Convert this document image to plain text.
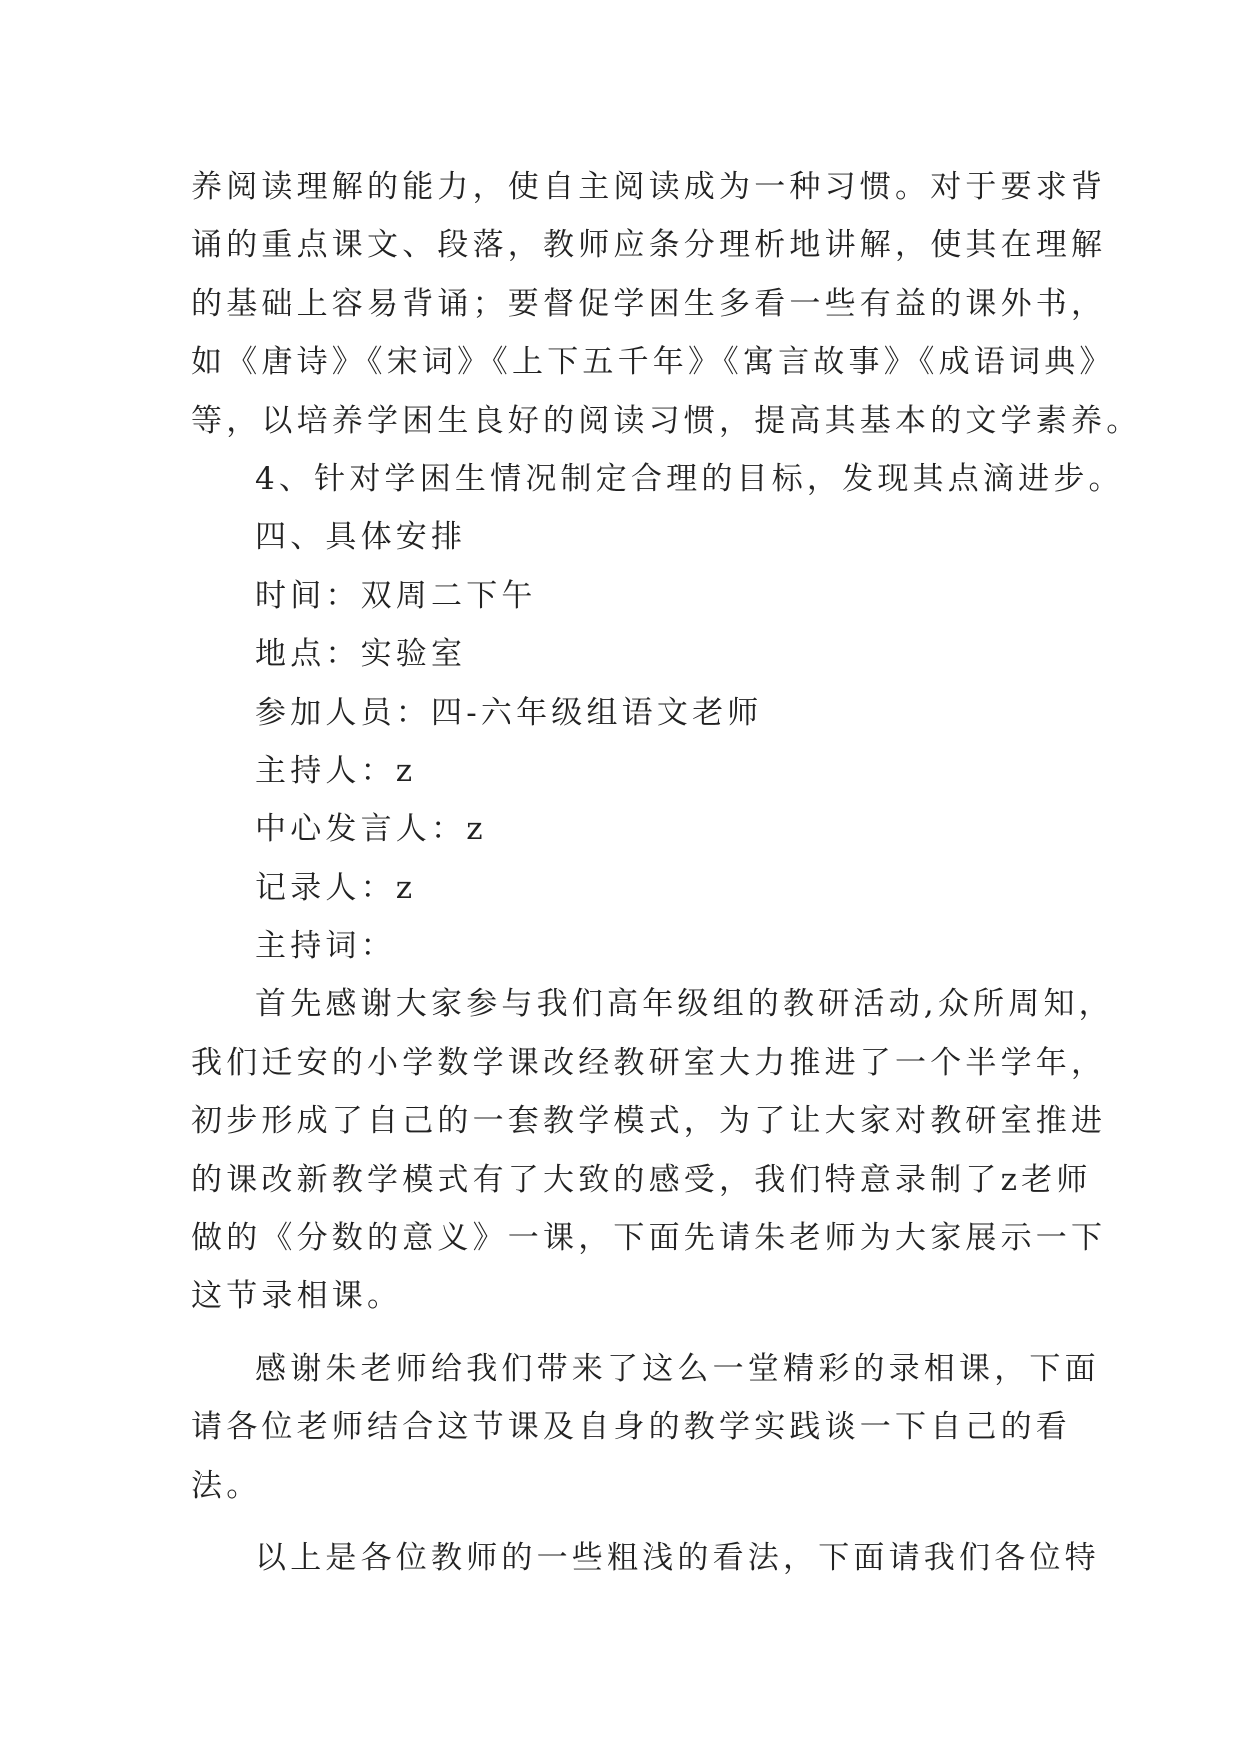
养阅读理解的能力，使自主阅读成为一种习惯。对于要求背
诵的重点课文、段落，教师应条分理析地讲解，使其在理解
的基础上容易背诵；要督促学困生多看一些有益的课外书，
如《唐诗》《宋词》《上下五千年》《寓言故事》《成语词典》
等，以培养学困生良好的阅读习惯，提高其基本的文学素养。
4、针对学困生情况制定合理的目标，发现其点滴进步。
四、具体安排
时间：双周二下午
地点：实验室
参加人员：四-六年级组语文老师
主持人：z
中心发言人：z
记录人：z
主持词：
首先感谢大家参与我们高年级组的教研活动,众所周知，
我们迁安的小学数学课改经教研室大力推进了一个半学年，
初步形成了自己的一套教学模式，为了让大家对教研室推进
的课改新教学模式有了大致的感受，我们特意录制了z老师
做的《分数的意义》一课，下面先请朱老师为大家展示一下
这节录相课。
感谢朱老师给我们带来了这么一堂精彩的录相课，下面
请各位老师结合这节课及自身的教学实践谈一下自己的看
法。
以上是各位教师的一些粗浅的看法，下面请我们各位特
